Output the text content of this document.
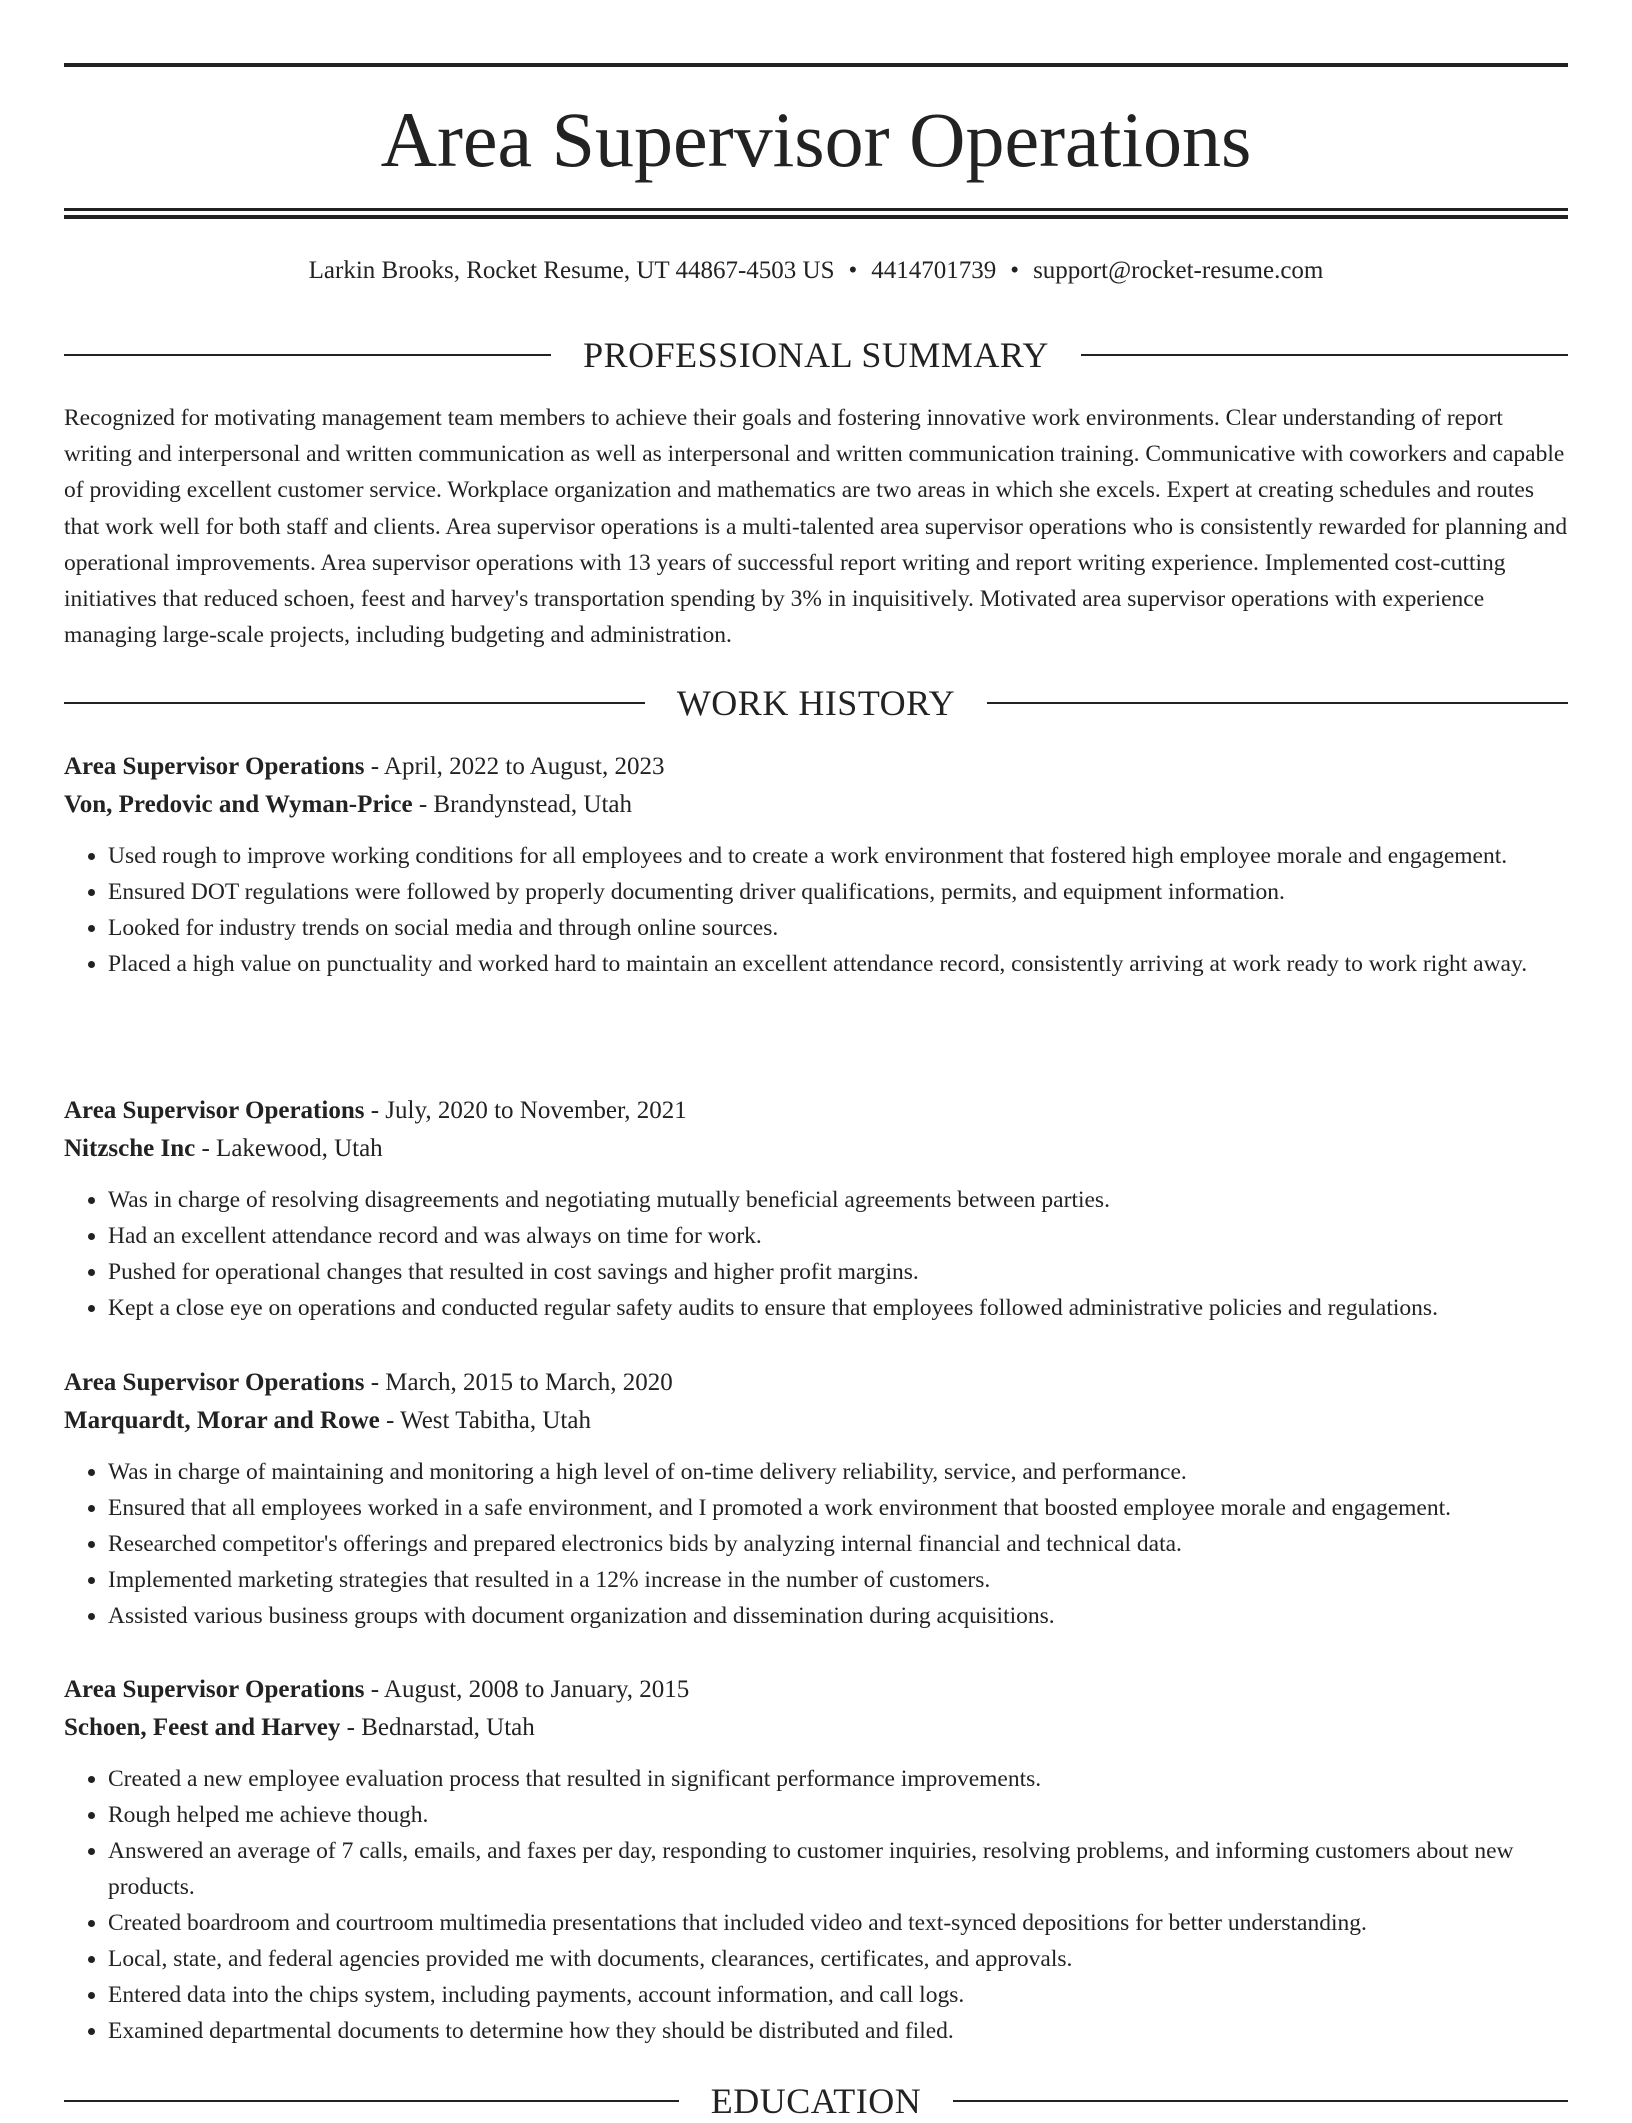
Area Supervisor Operations
Larkin Brooks, Rocket Resume, UT 44867-4503 US • 4414701739 • support@rocket-resume.com
PROFESSIONAL SUMMARY

Recognized for motivating management team members to achieve their goals and fostering innovative work environments. Clear understanding of report writing and interpersonal and written communication as well as interpersonal and written communication training. Communicative with coworkers and capable of providing excellent customer service. Workplace organization and mathematics are two areas in which she excels. Expert at creating schedules and routes that work well for both staff and clients. Area supervisor operations is a multi-talented area supervisor operations who is consistently rewarded for planning and operational improvements. Area supervisor operations with 13 years of successful report writing and report writing experience. Implemented cost-cutting initiatives that reduced schoen, feest and harvey's transportation spending by 3% in inquisitively. Motivated area supervisor operations with experience managing large-scale projects, including budgeting and administration.

WORK HISTORY
Area Supervisor Operations - April, 2022 to August, 2023
Von, Predovic and Wyman-Price - Brandynstead, Utah
• Used rough to improve working conditions for all employees and to create a work environment that fostered high employee morale and engagement.
• Ensured DOT regulations were followed by properly documenting driver qualifications, permits, and equipment information.
• Looked for industry trends on social media and through online sources.
• Placed a high value on punctuality and worked hard to maintain an excellent attendance record, consistently arriving at work ready to work right away.
Area Supervisor Operations - July, 2020 to November, 2021
Nitzsche Inc - Lakewood, Utah
• Was in charge of resolving disagreements and negotiating mutually beneficial agreements between parties.
• Had an excellent attendance record and was always on time for work.
• Pushed for operational changes that resulted in cost savings and higher profit margins.
• Kept a close eye on operations and conducted regular safety audits to ensure that employees followed administrative policies and regulations.
Area Supervisor Operations - March, 2015 to March, 2020
Marquardt, Morar and Rowe - West Tabitha, Utah
• Was in charge of maintaining and monitoring a high level of on-time delivery reliability, service, and performance.
• Ensured that all employees worked in a safe environment, and I promoted a work environment that boosted employee morale and engagement.
• Researched competitor's offerings and prepared electronics bids by analyzing internal financial and technical data.
• Implemented marketing strategies that resulted in a 12% increase in the number of customers.
• Assisted various business groups with document organization and dissemination during acquisitions.
Area Supervisor Operations - August, 2008 to January, 2015
Schoen, Feest and Harvey - Bednarstad, Utah
• Created a new employee evaluation process that resulted in significant performance improvements.
• Rough helped me achieve though.
• Answered an average of 7 calls, emails, and faxes per day, responding to customer inquiries, resolving problems, and informing customers about new products.
• Created boardroom and courtroom multimedia presentations that included video and text-synced depositions for better understanding.
• Local, state, and federal agencies provided me with documents, clearances, certificates, and approvals.
• Entered data into the chips system, including payments, account information, and call logs.
• Examined departmental documents to determine how they should be distributed and filed.
EDUCATION
